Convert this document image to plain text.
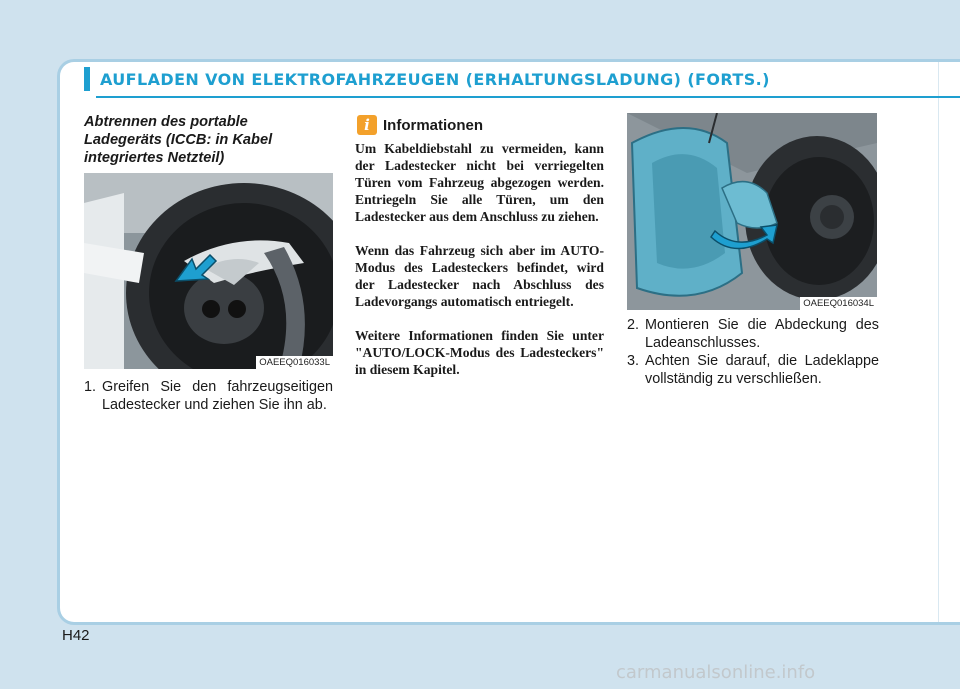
AUFLADEN VON ELEKTROFAHRZEUGEN (ERHALTUNGSLADUNG) (FORTS.)
Abtrennen des portable Ladegeräts (ICCB: in Kabel integriertes Netzteil)
OAEEQ016033L
1. Greifen Sie den fahrzeugseitigen Ladestecker und ziehen Sie ihn ab.
i Informationen
Um Kabeldiebstahl zu vermeiden, kann der Ladestecker nicht bei verriegelten Türen vom Fahrzeug abgezogen werden. Entriegeln Sie alle Türen, um den Ladestecker aus dem Anschluss zu ziehen.
Wenn das Fahrzeug sich aber im AUTO-Modus des Ladesteckers befindet, wird der Ladestecker nach Abschluss des Ladevorgangs automatisch entriegelt.
Weitere Informationen finden Sie unter "AUTO/LOCK-Modus des Ladesteckers" in diesem Kapitel.
OAEEQ016034L
2. Montieren Sie die Abdeckung des Ladeanschlusses.
3. Achten Sie darauf, die Ladeklappe vollständig zu verschließen.
H42
carmanualsonline.info
